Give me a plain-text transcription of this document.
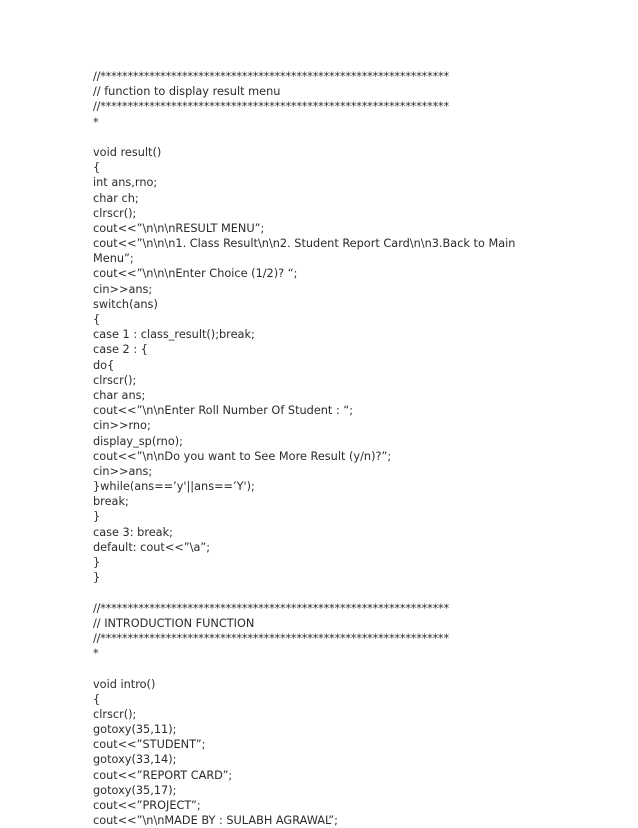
//****************************************************************
// function to display result menu
//****************************************************************
*
void result()
{
int ans,rno;
char ch;
clrscr();
cout<<”\n\n\nRESULT MENU”;
cout<<”\n\n\n1. Class Result\n\n2. Student Report Card\n\n3.Back to Main Menu”;
cout<<”\n\n\nEnter Choice (1/2)? “;
cin>>ans;
switch(ans)
{
case 1 : class_result();break;
case 2 : {
do{
clrscr();
char ans;
cout<<”\n\nEnter Roll Number Of Student : “;
cin>>rno;
display_sp(rno);
cout<<”\n\nDo you want to See More Result (y/n)?”;
cin>>ans;
}while(ans==’y'||ans==’Y');
break;
}
case 3: break;
default: cout<<”\a”;
}
}
//****************************************************************
// INTRODUCTION FUNCTION
//****************************************************************
*
void intro()
{
clrscr();
gotoxy(35,11);
cout<<”STUDENT”;
gotoxy(33,14);
cout<<”REPORT CARD”;
gotoxy(35,17);
cout<<”PROJECT”;
cout<<”\n\nMADE BY : SULABH AGRAWAL”;
